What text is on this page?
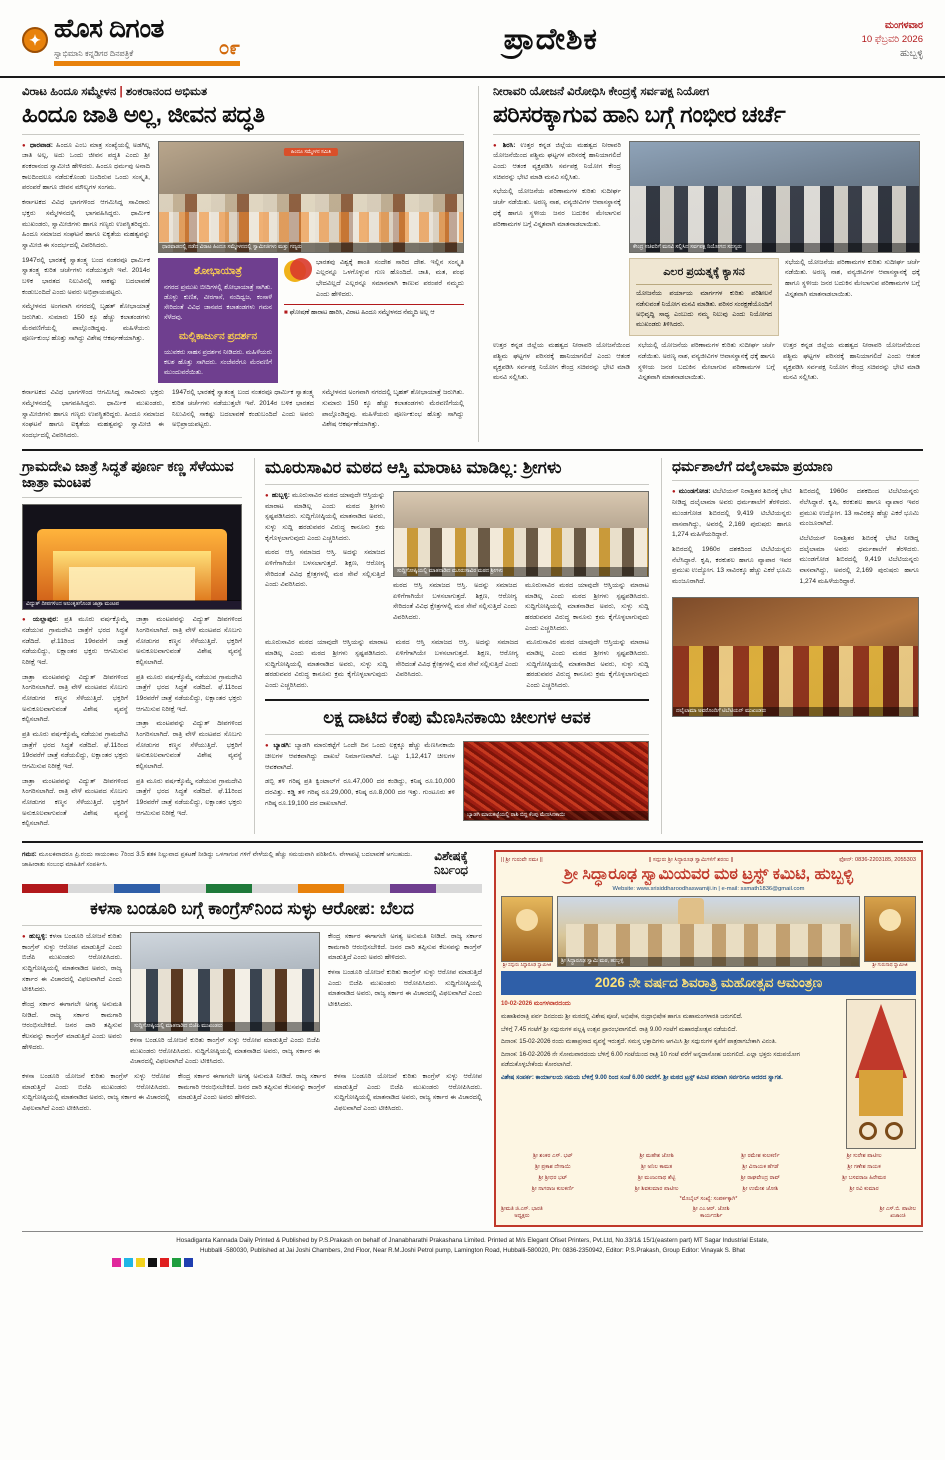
✦ ಹೊಸ ದಿಗಂತ
ಸ್ವಾಭಿಮಾನಿ ಕನ್ನಡಿಗರ ದಿನಪತ್ರಿಕೆ	೦೯	ಪ್ರಾದೇಶಿಕ	ಮಂಗಳವಾರ
10 ಫೆಬ್ರವರಿ 2026
ಹುಬ್ಬಳ್ಳಿ
ವಿರಾಟ ಹಿಂದೂ ಸಮ್ಮೇಳನ | ಶಂಕರಾನಂದ ಅಭಿಮತ
ಹಿಂದೂ ಜಾತಿ ಅಲ್ಲ, ಜೀವನ ಪದ್ಧತಿ

● ಧಾರವಾಡ: ಹಿಂದೂ ಎಂಬ ಮಾತ್ರ ಸಂಖ್ಯೆಯಲ್ಲಿ ಅಡಗಿಲ್ಲ ಜಾತಿ ಅಲ್ಲ, ಅದು ಒಂದು ಜೀವನ ಪದ್ಧತಿ ಎಂದು ಶ್ರೀ ಶಂಕರಾನಂದ ಸ್ವಾಮೀಜಿ ಹೇಳಿದರು. ಹಿಂದೂ ಧರ್ಮವು ಅನಾದಿ ಕಾಲದಿಂದಲೂ ನಡೆದುಕೊಂಡು ಬಂದಿರುವ ಒಂದು ಸಂಸ್ಕೃತಿ, ಪರಂಪರೆ ಹಾಗೂ ಜೀವನ ಮೌಲ್ಯಗಳ ಸಂಗಮ.

ಕರ್ನಾಟಕದ ವಿವಿಧ ಭಾಗಗಳಿಂದ ಆಗಮಿಸಿದ್ದ ಸಾವಿರಾರು ಭಕ್ತರು ಸಮ್ಮೇಳನದಲ್ಲಿ ಭಾಗವಹಿಸಿದ್ದರು. ಧಾರ್ಮಿಕ ಮುಖಂಡರು, ಸ್ವಾಮೀಜಿಗಳು ಹಾಗೂ ಗಣ್ಯರು ಉಪಸ್ಥಿತರಿದ್ದರು. ಹಿಂದೂ ಸಮಾಜದ ಸಂಘಟನೆ ಹಾಗೂ ಐಕ್ಯತೆಯ ಮಹತ್ವವನ್ನು ಸ್ವಾಮೀಜಿ ಈ ಸಂದರ್ಭದಲ್ಲಿ ವಿವರಿಸಿದರು.

1947ರಲ್ಲಿ ಭಾರತಕ್ಕೆ ಸ್ವಾತಂತ್ರ್ಯ ಬಂದ ನಂತರವೂ ಧಾರ್ಮಿಕ ಸ್ವಾತಂತ್ರ್ಯ ಕುರಿತ ಚರ್ಚೆಗಳು ನಡೆಯುತ್ತಲೇ ಇವೆ. 2014ರ ಬಳಿಕ ಭಾರತದ ನಿಲುವಿನಲ್ಲಿ ಸಾಕಷ್ಟು ಬದಲಾವಣೆ ಕಂಡುಬಂದಿದೆ ಎಂದು ಅವರು ಅಭಿಪ್ರಾಯಪಟ್ಟರು.

ಸಮ್ಮೇಳನದ ಅಂಗವಾಗಿ ನಗರದಲ್ಲಿ ಬೃಹತ್ ಶೋಭಾಯಾತ್ರೆ ಜರುಗಿತು. ಸುಮಾರು 150 ಕ್ಕೂ ಹೆಚ್ಚು ಕಲಾತಂಡಗಳು ಮೆರವಣಿಗೆಯಲ್ಲಿ ಪಾಲ್ಗೊಂಡಿದ್ದವು. ಮಹಿಳೆಯರು ಪೂರ್ಣಕುಂಭ ಹೊತ್ತು ಸಾಗಿದ್ದು ವಿಶೇಷ ಆಕರ್ಷಣೆಯಾಗಿತ್ತು.

ಹಿಂದೂ ಸಮ್ಮೇಳನ ಸಮಿತಿ
ಧಾರವಾಡದಲ್ಲಿ ನಡೆದ ವಿರಾಟ ಹಿಂದೂ ಸಮ್ಮೇಳನದಲ್ಲಿ ಸ್ವಾಮೀಜಿಗಳು ಮತ್ತು ಗಣ್ಯರು
ಶೋಭಾಯಾತ್ರೆ
ನಗರದ ಪ್ರಮುಖ ಬೀದಿಗಳಲ್ಲಿ ಶೋಭಾಯಾತ್ರೆ ಸಾಗಿತು. ಡೊಳ್ಳು ಕುಣಿತ, ವೀರಗಾಸೆ, ನಂದಿಧ್ವಜ, ಕಂಸಾಳೆ ಸೇರಿದಂತೆ ವಿವಿಧ ಜಾನಪದ ಕಲಾತಂಡಗಳು ಗಮನ ಸೆಳೆದವು.
ಮಲ್ಲಿಕಾರ್ಜುನ ಪ್ರದರ್ಶನ
ಯುವಕರು ಸಾಹಸ ಪ್ರದರ್ಶನ ನೀಡಿದರು. ಮಹಿಳೆಯರು ಕಲಶ ಹೊತ್ತು ಸಾಗಿದರು. ಸಂಜೆವರೆಗೂ ಮೆರವಣಿಗೆ ಮುಂದುವರೆಯಿತು.
ಭಾರತವು ವಿಶ್ವಕ್ಕೆ ಶಾಂತಿ ಸಂದೇಶ ಸಾರಿದ ದೇಶ. ಇಲ್ಲಿನ ಸಂಸ್ಕೃತಿ ಎಲ್ಲರನ್ನೂ ಒಳಗೊಳ್ಳುವ ಗುಣ ಹೊಂದಿದೆ. ಜಾತಿ, ಮತ, ಪಂಥ ಭೇದವಿಲ್ಲದೆ ಎಲ್ಲರನ್ನೂ ಸಮಾನವಾಗಿ ಕಾಣುವ ಪರಂಪರೆ ನಮ್ಮದು ಎಂದು ಹೇಳಿದರು.
■ ಘೋಷಣೆ ಹಾರಾಟ ಹಾರಿಸಿ, ವಿರಾಟ ಹಿಂದೂ ಸಮ್ಮೇಳನದ ನೆಮ್ಮದಿ ಅಲ್ಲ ಆ
ಕರ್ನಾಟಕದ ವಿವಿಧ ಭಾಗಗಳಿಂದ ಆಗಮಿಸಿದ್ದ ಸಾವಿರಾರು ಭಕ್ತರು ಸಮ್ಮೇಳನದಲ್ಲಿ ಭಾಗವಹಿಸಿದ್ದರು. ಧಾರ್ಮಿಕ ಮುಖಂಡರು, ಸ್ವಾಮೀಜಿಗಳು ಹಾಗೂ ಗಣ್ಯರು ಉಪಸ್ಥಿತರಿದ್ದರು. ಹಿಂದೂ ಸಮಾಜದ ಸಂಘಟನೆ ಹಾಗೂ ಐಕ್ಯತೆಯ ಮಹತ್ವವನ್ನು ಸ್ವಾಮೀಜಿ ಈ ಸಂದರ್ಭದಲ್ಲಿ ವಿವರಿಸಿದರು.
1947ರಲ್ಲಿ ಭಾರತಕ್ಕೆ ಸ್ವಾತಂತ್ರ್ಯ ಬಂದ ನಂತರವೂ ಧಾರ್ಮಿಕ ಸ್ವಾತಂತ್ರ್ಯ ಕುರಿತ ಚರ್ಚೆಗಳು ನಡೆಯುತ್ತಲೇ ಇವೆ. 2014ರ ಬಳಿಕ ಭಾರತದ ನಿಲುವಿನಲ್ಲಿ ಸಾಕಷ್ಟು ಬದಲಾವಣೆ ಕಂಡುಬಂದಿದೆ ಎಂದು ಅವರು ಅಭಿಪ್ರಾಯಪಟ್ಟರು.
ಸಮ್ಮೇಳನದ ಅಂಗವಾಗಿ ನಗರದಲ್ಲಿ ಬೃಹತ್ ಶೋಭಾಯಾತ್ರೆ ಜರುಗಿತು. ಸುಮಾರು 150 ಕ್ಕೂ ಹೆಚ್ಚು ಕಲಾತಂಡಗಳು ಮೆರವಣಿಗೆಯಲ್ಲಿ ಪಾಲ್ಗೊಂಡಿದ್ದವು. ಮಹಿಳೆಯರು ಪೂರ್ಣಕುಂಭ ಹೊತ್ತು ಸಾಗಿದ್ದು ವಿಶೇಷ ಆಕರ್ಷಣೆಯಾಗಿತ್ತು.
ನೀರಾವರಿ ಯೋಜನೆ ವಿರೋಧಿಸಿ ಕೇಂದ್ರಕ್ಕೆ ಸರ್ವಪಕ್ಷ ನಿಯೋಗ
ಪರಿಸರಕ್ಕಾಗುವ ಹಾನಿ ಬಗ್ಗೆ ಗಂಭೀರ ಚರ್ಚೆ

● ಶಿರಸಿ: ಉತ್ತರ ಕನ್ನಡ ಜಿಲ್ಲೆಯ ಮಹತ್ವದ ನೀರಾವರಿ ಯೋಜನೆಯಿಂದ ಪಶ್ಚಿಮ ಘಟ್ಟಗಳ ಪರಿಸರಕ್ಕೆ ಹಾನಿಯಾಗಲಿದೆ ಎಂದು ಆತಂಕ ವ್ಯಕ್ತಪಡಿಸಿ ಸರ್ವಪಕ್ಷ ನಿಯೋಗ ಕೇಂದ್ರ ಸಚಿವರನ್ನು ಭೇಟಿ ಮಾಡಿ ಮನವಿ ಸಲ್ಲಿಸಿತು.

ಸಭೆಯಲ್ಲಿ ಯೋಜನೆಯ ಪರಿಣಾಮಗಳ ಕುರಿತು ಸುದೀರ್ಘ ಚರ್ಚೆ ನಡೆಯಿತು. ಅರಣ್ಯ ನಾಶ, ವನ್ಯಜೀವಿಗಳ ಆವಾಸಸ್ಥಾನಕ್ಕೆ ಧಕ್ಕೆ ಹಾಗೂ ಸ್ಥಳೀಯ ಜನರ ಬದುಕಿನ ಮೇಲಾಗುವ ಪರಿಣಾಮಗಳ ಬಗ್ಗೆ ವಿಸ್ತೃತವಾಗಿ ಮಾತನಾಡಲಾಯಿತು.

ಕೇಂದ್ರ ಸಚಿವರಿಗೆ ಮನವಿ ಸಲ್ಲಿಸಿದ ಸರ್ವಪಕ್ಷ ನಿಯೋಗದ ಸದಸ್ಯರು
ಎಲರ ಪ್ರಯತ್ನಕ್ಕೆ ಕ್ಯಾಸನ
ಯೋಜನೆಯ ಪರ್ಯಾಯ ಮಾರ್ಗಗಳ ಕುರಿತು ಪರಿಶೀಲನೆ ನಡೆಸುವಂತೆ ನಿಯೋಗ ಮನವಿ ಮಾಡಿತು. ಪರಿಸರ ಸಂರಕ್ಷಣೆಯೊಂದಿಗೆ ಅಭಿವೃದ್ಧಿ ಸಾಧ್ಯ ಎಂಬುದು ನಮ್ಮ ನಿಲುವು ಎಂದು ನಿಯೋಗದ ಮುಖಂಡರು ತಿಳಿಸಿದರು.
ಸಭೆಯಲ್ಲಿ ಯೋಜನೆಯ ಪರಿಣಾಮಗಳ ಕುರಿತು ಸುದೀರ್ಘ ಚರ್ಚೆ ನಡೆಯಿತು. ಅರಣ್ಯ ನಾಶ, ವನ್ಯಜೀವಿಗಳ ಆವಾಸಸ್ಥಾನಕ್ಕೆ ಧಕ್ಕೆ ಹಾಗೂ ಸ್ಥಳೀಯ ಜನರ ಬದುಕಿನ ಮೇಲಾಗುವ ಪರಿಣಾಮಗಳ ಬಗ್ಗೆ ವಿಸ್ತೃತವಾಗಿ ಮಾತನಾಡಲಾಯಿತು.
ಉತ್ತರ ಕನ್ನಡ ಜಿಲ್ಲೆಯ ಮಹತ್ವದ ನೀರಾವರಿ ಯೋಜನೆಯಿಂದ ಪಶ್ಚಿಮ ಘಟ್ಟಗಳ ಪರಿಸರಕ್ಕೆ ಹಾನಿಯಾಗಲಿದೆ ಎಂದು ಆತಂಕ ವ್ಯಕ್ತಪಡಿಸಿ ಸರ್ವಪಕ್ಷ ನಿಯೋಗ ಕೇಂದ್ರ ಸಚಿವರನ್ನು ಭೇಟಿ ಮಾಡಿ ಮನವಿ ಸಲ್ಲಿಸಿತು.
ಸಭೆಯಲ್ಲಿ ಯೋಜನೆಯ ಪರಿಣಾಮಗಳ ಕುರಿತು ಸುದೀರ್ಘ ಚರ್ಚೆ ನಡೆಯಿತು. ಅರಣ್ಯ ನಾಶ, ವನ್ಯಜೀವಿಗಳ ಆವಾಸಸ್ಥಾನಕ್ಕೆ ಧಕ್ಕೆ ಹಾಗೂ ಸ್ಥಳೀಯ ಜನರ ಬದುಕಿನ ಮೇಲಾಗುವ ಪರಿಣಾಮಗಳ ಬಗ್ಗೆ ವಿಸ್ತೃತವಾಗಿ ಮಾತನಾಡಲಾಯಿತು.
ಉತ್ತರ ಕನ್ನಡ ಜಿಲ್ಲೆಯ ಮಹತ್ವದ ನೀರಾವರಿ ಯೋಜನೆಯಿಂದ ಪಶ್ಚಿಮ ಘಟ್ಟಗಳ ಪರಿಸರಕ್ಕೆ ಹಾನಿಯಾಗಲಿದೆ ಎಂದು ಆತಂಕ ವ್ಯಕ್ತಪಡಿಸಿ ಸರ್ವಪಕ್ಷ ನಿಯೋಗ ಕೇಂದ್ರ ಸಚಿವರನ್ನು ಭೇಟಿ ಮಾಡಿ ಮನವಿ ಸಲ್ಲಿಸಿತು.
ಗ್ರಾಮದೇವಿ ಜಾತ್ರೆ ಸಿದ್ಧತೆ ಪೂರ್ಣ ಕಣ್ಣ ಸೆಳೆಯುವ ಜಾತ್ರಾ ಮಂಟಪ
ವಿದ್ಯುತ್ ದೀಪಗಳಿಂದ ಅಲಂಕೃತಗೊಂಡ ಜಾತ್ರಾ ಮಂಟಪ

● ಯಲ್ಲಾಪುರ: ಪ್ರತಿ ಮೂರು ವರ್ಷಕ್ಕೊಮ್ಮೆ ನಡೆಯುವ ಗ್ರಾಮದೇವಿ ಜಾತ್ರೆಗೆ ಭರದ ಸಿದ್ಧತೆ ನಡೆದಿದೆ. ಫೆ.11ರಿಂದ 19ರವರೆಗೆ ಜಾತ್ರೆ ನಡೆಯಲಿದ್ದು, ಲಕ್ಷಾಂತರ ಭಕ್ತರು ಆಗಮಿಸುವ ನಿರೀಕ್ಷೆ ಇದೆ.

ಜಾತ್ರಾ ಮಂಟಪವನ್ನು ವಿದ್ಯುತ್ ದೀಪಗಳಿಂದ ಸಿಂಗರಿಸಲಾಗಿದೆ. ರಾತ್ರಿ ವೇಳೆ ಮಂಟಪದ ಸೊಬಗು ನೋಡುಗರ ಕಣ್ಮನ ಸೆಳೆಯುತ್ತಿದೆ. ಭಕ್ತರಿಗೆ ಅನುಕೂಲವಾಗುವಂತೆ ವಿಶೇಷ ವ್ಯವಸ್ಥೆ ಕಲ್ಪಿಸಲಾಗಿದೆ.

ಪ್ರತಿ ಮೂರು ವರ್ಷಕ್ಕೊಮ್ಮೆ ನಡೆಯುವ ಗ್ರಾಮದೇವಿ ಜಾತ್ರೆಗೆ ಭರದ ಸಿದ್ಧತೆ ನಡೆದಿದೆ. ಫೆ.11ರಿಂದ 19ರವರೆಗೆ ಜಾತ್ರೆ ನಡೆಯಲಿದ್ದು, ಲಕ್ಷಾಂತರ ಭಕ್ತರು ಆಗಮಿಸುವ ನಿರೀಕ್ಷೆ ಇದೆ.

ಜಾತ್ರಾ ಮಂಟಪವನ್ನು ವಿದ್ಯುತ್ ದೀಪಗಳಿಂದ ಸಿಂಗರಿಸಲಾಗಿದೆ. ರಾತ್ರಿ ವೇಳೆ ಮಂಟಪದ ಸೊಬಗು ನೋಡುಗರ ಕಣ್ಮನ ಸೆಳೆಯುತ್ತಿದೆ. ಭಕ್ತರಿಗೆ ಅನುಕೂಲವಾಗುವಂತೆ ವಿಶೇಷ ವ್ಯವಸ್ಥೆ ಕಲ್ಪಿಸಲಾಗಿದೆ.

ಜಾತ್ರಾ ಮಂಟಪವನ್ನು ವಿದ್ಯುತ್ ದೀಪಗಳಿಂದ ಸಿಂಗರಿಸಲಾಗಿದೆ. ರಾತ್ರಿ ವೇಳೆ ಮಂಟಪದ ಸೊಬಗು ನೋಡುಗರ ಕಣ್ಮನ ಸೆಳೆಯುತ್ತಿದೆ. ಭಕ್ತರಿಗೆ ಅನುಕೂಲವಾಗುವಂತೆ ವಿಶೇಷ ವ್ಯವಸ್ಥೆ ಕಲ್ಪಿಸಲಾಗಿದೆ.

ಪ್ರತಿ ಮೂರು ವರ್ಷಕ್ಕೊಮ್ಮೆ ನಡೆಯುವ ಗ್ರಾಮದೇವಿ ಜಾತ್ರೆಗೆ ಭರದ ಸಿದ್ಧತೆ ನಡೆದಿದೆ. ಫೆ.11ರಿಂದ 19ರವರೆಗೆ ಜಾತ್ರೆ ನಡೆಯಲಿದ್ದು, ಲಕ್ಷಾಂತರ ಭಕ್ತರು ಆಗಮಿಸುವ ನಿರೀಕ್ಷೆ ಇದೆ.

ಜಾತ್ರಾ ಮಂಟಪವನ್ನು ವಿದ್ಯುತ್ ದೀಪಗಳಿಂದ ಸಿಂಗರಿಸಲಾಗಿದೆ. ರಾತ್ರಿ ವೇಳೆ ಮಂಟಪದ ಸೊಬಗು ನೋಡುಗರ ಕಣ್ಮನ ಸೆಳೆಯುತ್ತಿದೆ. ಭಕ್ತರಿಗೆ ಅನುಕೂಲವಾಗುವಂತೆ ವಿಶೇಷ ವ್ಯವಸ್ಥೆ ಕಲ್ಪಿಸಲಾಗಿದೆ.

ಪ್ರತಿ ಮೂರು ವರ್ಷಕ್ಕೊಮ್ಮೆ ನಡೆಯುವ ಗ್ರಾಮದೇವಿ ಜಾತ್ರೆಗೆ ಭರದ ಸಿದ್ಧತೆ ನಡೆದಿದೆ. ಫೆ.11ರಿಂದ 19ರವರೆಗೆ ಜಾತ್ರೆ ನಡೆಯಲಿದ್ದು, ಲಕ್ಷಾಂತರ ಭಕ್ತರು ಆಗಮಿಸುವ ನಿರೀಕ್ಷೆ ಇದೆ.

ಮೂರುಸಾವಿರ ಮಠದ ಆಸ್ತಿ ಮಾರಾಟ ಮಾಡಿಲ್ಲ: ಶ್ರೀಗಳು

● ಹುಬ್ಬಳ್ಳಿ: ಮೂರುಸಾವಿರ ಮಠದ ಯಾವುದೇ ಆಸ್ತಿಯನ್ನು ಮಾರಾಟ ಮಾಡಿಲ್ಲ ಎಂದು ಮಠದ ಶ್ರೀಗಳು ಸ್ಪಷ್ಟಪಡಿಸಿದರು. ಸುದ್ದಿಗೋಷ್ಠಿಯಲ್ಲಿ ಮಾತನಾಡಿದ ಅವರು, ಸುಳ್ಳು ಸುದ್ದಿ ಹರಡುವವರ ವಿರುದ್ಧ ಕಾನೂನು ಕ್ರಮ ಕೈಗೊಳ್ಳಲಾಗುವುದು ಎಂದು ಎಚ್ಚರಿಸಿದರು.

ಮಠದ ಆಸ್ತಿ ಸಮಾಜದ ಆಸ್ತಿ. ಅದನ್ನು ಸಮಾಜದ ಏಳಿಗೆಗಾಗಿಯೇ ಬಳಸಲಾಗುತ್ತದೆ. ಶಿಕ್ಷಣ, ಆರೋಗ್ಯ ಸೇರಿದಂತೆ ವಿವಿಧ ಕ್ಷೇತ್ರಗಳಲ್ಲಿ ಮಠ ಸೇವೆ ಸಲ್ಲಿಸುತ್ತಿದೆ ಎಂದು ವಿವರಿಸಿದರು.

ಸುದ್ದಿಗೋಷ್ಠಿಯಲ್ಲಿ ಮಾತನಾಡಿದ ಮೂರುಸಾವಿರ ಮಠದ ಶ್ರೀಗಳು
ಮಠದ ಆಸ್ತಿ ಸಮಾಜದ ಆಸ್ತಿ. ಅದನ್ನು ಸಮಾಜದ ಏಳಿಗೆಗಾಗಿಯೇ ಬಳಸಲಾಗುತ್ತದೆ. ಶಿಕ್ಷಣ, ಆರೋಗ್ಯ ಸೇರಿದಂತೆ ವಿವಿಧ ಕ್ಷೇತ್ರಗಳಲ್ಲಿ ಮಠ ಸೇವೆ ಸಲ್ಲಿಸುತ್ತಿದೆ ಎಂದು ವಿವರಿಸಿದರು.
ಮೂರುಸಾವಿರ ಮಠದ ಯಾವುದೇ ಆಸ್ತಿಯನ್ನು ಮಾರಾಟ ಮಾಡಿಲ್ಲ ಎಂದು ಮಠದ ಶ್ರೀಗಳು ಸ್ಪಷ್ಟಪಡಿಸಿದರು. ಸುದ್ದಿಗೋಷ್ಠಿಯಲ್ಲಿ ಮಾತನಾಡಿದ ಅವರು, ಸುಳ್ಳು ಸುದ್ದಿ ಹರಡುವವರ ವಿರುದ್ಧ ಕಾನೂನು ಕ್ರಮ ಕೈಗೊಳ್ಳಲಾಗುವುದು ಎಂದು ಎಚ್ಚರಿಸಿದರು.
ಮೂರುಸಾವಿರ ಮಠದ ಯಾವುದೇ ಆಸ್ತಿಯನ್ನು ಮಾರಾಟ ಮಾಡಿಲ್ಲ ಎಂದು ಮಠದ ಶ್ರೀಗಳು ಸ್ಪಷ್ಟಪಡಿಸಿದರು. ಸುದ್ದಿಗೋಷ್ಠಿಯಲ್ಲಿ ಮಾತನಾಡಿದ ಅವರು, ಸುಳ್ಳು ಸುದ್ದಿ ಹರಡುವವರ ವಿರುದ್ಧ ಕಾನೂನು ಕ್ರಮ ಕೈಗೊಳ್ಳಲಾಗುವುದು ಎಂದು ಎಚ್ಚರಿಸಿದರು.
ಮಠದ ಆಸ್ತಿ ಸಮಾಜದ ಆಸ್ತಿ. ಅದನ್ನು ಸಮಾಜದ ಏಳಿಗೆಗಾಗಿಯೇ ಬಳಸಲಾಗುತ್ತದೆ. ಶಿಕ್ಷಣ, ಆರೋಗ್ಯ ಸೇರಿದಂತೆ ವಿವಿಧ ಕ್ಷೇತ್ರಗಳಲ್ಲಿ ಮಠ ಸೇವೆ ಸಲ್ಲಿಸುತ್ತಿದೆ ಎಂದು ವಿವರಿಸಿದರು.
ಮೂರುಸಾವಿರ ಮಠದ ಯಾವುದೇ ಆಸ್ತಿಯನ್ನು ಮಾರಾಟ ಮಾಡಿಲ್ಲ ಎಂದು ಮಠದ ಶ್ರೀಗಳು ಸ್ಪಷ್ಟಪಡಿಸಿದರು. ಸುದ್ದಿಗೋಷ್ಠಿಯಲ್ಲಿ ಮಾತನಾಡಿದ ಅವರು, ಸುಳ್ಳು ಸುದ್ದಿ ಹರಡುವವರ ವಿರುದ್ಧ ಕಾನೂನು ಕ್ರಮ ಕೈಗೊಳ್ಳಲಾಗುವುದು ಎಂದು ಎಚ್ಚರಿಸಿದರು.
ಲಕ್ಷ ದಾಟಿದ ಕೆಂಪು ಮೆಣಸಿನಕಾಯಿ ಚೀಲಗಳ ಆವಕ

● ಬ್ಯಾಡಗಿ: ಬ್ಯಾಡಗಿ ಮಾರುಕಟ್ಟೆಗೆ ಒಂದೇ ದಿನ ಒಂದು ಲಕ್ಷಕ್ಕೂ ಹೆಚ್ಚು ಮೆಣಸಿನಕಾಯಿ ಚೀಲಗಳ ಆವಕವಾಗಿದ್ದು ದಾಖಲೆ ನಿರ್ಮಾಣವಾಗಿದೆ. ಒಟ್ಟು 1,12,417 ಚೀಲಗಳ ಆವಕವಾಗಿದೆ.

ಡಬ್ಬಿ ತಳಿ ಗರಿಷ್ಠ ಪ್ರತಿ ಕ್ವಿಂಟಾಲ್‌ಗೆ ರೂ.47,000 ದರ ಕಂಡಿದ್ದು, ಕನಿಷ್ಠ ರೂ.10,000 ದರವಿತ್ತು. ಕಡ್ಡಿ ತಳಿ ಗರಿಷ್ಠ ರೂ.29,000, ಕನಿಷ್ಠ ರೂ.8,000 ದರ ಇತ್ತು. ಗುಂಟೂರು ತಳಿ ಗರಿಷ್ಠ ರೂ.19,100 ದರ ದಾಖಲಾಗಿದೆ.

ಬ್ಯಾಡಗಿ ಮಾರುಕಟ್ಟೆಯಲ್ಲಿ ರಾಶಿ ಬಿದ್ದ ಕೆಂಪು ಮೆಣಸಿನಕಾಯಿ
ಧರ್ಮಶಾಲೆಗೆ ದಲೈಲಾಮಾ ಪ್ರಯಾಣ

● ಮುಂಡಗೋಡ: ಟಿಬೆಟಿಯನ್ ನಿರಾಶ್ರಿತರ ಶಿಬಿರಕ್ಕೆ ಭೇಟಿ ನೀಡಿದ್ದ ದಲೈಲಾಮಾ ಅವರು ಧರ್ಮಶಾಲೆಗೆ ತೆರಳಿದರು. ಮುಂಡಗೋಡ ಶಿಬಿರದಲ್ಲಿ 9,419 ಟಿಬೆಟಿಯನ್ನರು ವಾಸವಾಗಿದ್ದು, ಅವರಲ್ಲಿ 2,169 ಪುರುಷರು ಹಾಗೂ 1,274 ಮಹಿಳೆಯರಿದ್ದಾರೆ.

ಶಿಬಿರದಲ್ಲಿ 1960ರ ದಶಕದಿಂದ ಟಿಬೆಟಿಯನ್ನರು ನೆಲೆಸಿದ್ದಾರೆ. ಕೃಷಿ, ಕರಕುಶಲ ಹಾಗೂ ವ್ಯಾಪಾರ ಇವರ ಪ್ರಮುಖ ಉದ್ಯೋಗ. 13 ಸಾವಿರಕ್ಕೂ ಹೆಚ್ಚು ಎಕರೆ ಭೂಮಿ ಮಂಜೂರಾಗಿದೆ.

ಶಿಬಿರದಲ್ಲಿ 1960ರ ದಶಕದಿಂದ ಟಿಬೆಟಿಯನ್ನರು ನೆಲೆಸಿದ್ದಾರೆ. ಕೃಷಿ, ಕರಕುಶಲ ಹಾಗೂ ವ್ಯಾಪಾರ ಇವರ ಪ್ರಮುಖ ಉದ್ಯೋಗ. 13 ಸಾವಿರಕ್ಕೂ ಹೆಚ್ಚು ಎಕರೆ ಭೂಮಿ ಮಂಜೂರಾಗಿದೆ.

ಟಿಬೆಟಿಯನ್ ನಿರಾಶ್ರಿತರ ಶಿಬಿರಕ್ಕೆ ಭೇಟಿ ನೀಡಿದ್ದ ದಲೈಲಾಮಾ ಅವರು ಧರ್ಮಶಾಲೆಗೆ ತೆರಳಿದರು. ಮುಂಡಗೋಡ ಶಿಬಿರದಲ್ಲಿ 9,419 ಟಿಬೆಟಿಯನ್ನರು ವಾಸವಾಗಿದ್ದು, ಅವರಲ್ಲಿ 2,169 ಪುರುಷರು ಹಾಗೂ 1,274 ಮಹಿಳೆಯರಿದ್ದಾರೆ.

ದಲೈಲಾಮಾ ಅವರೊಂದಿಗೆ ಟಿಬೆಟಿಯನ್ ಮುಖಂಡರು
ಗಮನ: ಮೂಲಕವಾದರೂ ಪ್ರಿ.ರಂದು ಸಾಯಂಕಾಲ 7ರಿಂದ 3.5 ಶತಕ ನಿಲ್ಲುವಾದ ಪ್ರಕಟಣೆ ನೀಡಿದ್ದು ಒಳಗಾಗುವ ಗಳಿಗೆ ವೇಳೆಯಲ್ಲಿ ಹೆಚ್ಚು ಸಮಯವಾಗಿ ಪರಿಶೀಲಿಸಿ. ವೇಳಾಪಟ್ಟಿ ಬದಲಾವಣೆ ಆಗಬಹುದು. ಜಾಹೀರಾತು ಸಂಬಂಧ ಮಾಹಿತಿಗೆ ಸಂಪರ್ಕಿಸಿ.
ವಿಶೇಷಕ್ಕೆ ನಿರ್ಬಂಧ
ಕಳಸಾ ಬಂಡೂರಿ ಬಗ್ಗೆ ಕಾಂಗ್ರೆಸ್‌ನಿಂದ ಸುಳ್ಳು ಆರೋಪ: ಬೆಲದ

● ಹುಬ್ಬಳ್ಳಿ: ಕಳಸಾ ಬಂಡೂರಿ ಯೋಜನೆ ಕುರಿತು ಕಾಂಗ್ರೆಸ್ ಸುಳ್ಳು ಆರೋಪ ಮಾಡುತ್ತಿದೆ ಎಂದು ಬಿಜೆಪಿ ಮುಖಂಡರು ಆರೋಪಿಸಿದರು. ಸುದ್ದಿಗೋಷ್ಠಿಯಲ್ಲಿ ಮಾತನಾಡಿದ ಅವರು, ರಾಜ್ಯ ಸರ್ಕಾರ ಈ ವಿಚಾರದಲ್ಲಿ ವಿಫಲವಾಗಿದೆ ಎಂದು ಟೀಕಿಸಿದರು.

ಕೇಂದ್ರ ಸರ್ಕಾರ ಈಗಾಗಲೇ ಅಗತ್ಯ ಅನುಮತಿ ನೀಡಿದೆ. ರಾಜ್ಯ ಸರ್ಕಾರ ಕಾಮಗಾರಿ ಆರಂಭಿಸಬೇಕಿದೆ. ಜನರ ದಾರಿ ತಪ್ಪಿಸುವ ಕೆಲಸವನ್ನು ಕಾಂಗ್ರೆಸ್ ಮಾಡುತ್ತಿದೆ ಎಂದು ಅವರು ಹೇಳಿದರು.

ಸುದ್ದಿಗೋಷ್ಠಿಯಲ್ಲಿ ಮಾತನಾಡಿದ ಬಿಜೆಪಿ ಮುಖಂಡರು
ಕಳಸಾ ಬಂಡೂರಿ ಯೋಜನೆ ಕುರಿತು ಕಾಂಗ್ರೆಸ್ ಸುಳ್ಳು ಆರೋಪ ಮಾಡುತ್ತಿದೆ ಎಂದು ಬಿಜೆಪಿ ಮುಖಂಡರು ಆರೋಪಿಸಿದರು. ಸುದ್ದಿಗೋಷ್ಠಿಯಲ್ಲಿ ಮಾತನಾಡಿದ ಅವರು, ರಾಜ್ಯ ಸರ್ಕಾರ ಈ ವಿಚಾರದಲ್ಲಿ ವಿಫಲವಾಗಿದೆ ಎಂದು ಟೀಕಿಸಿದರು.

ಕೇಂದ್ರ ಸರ್ಕಾರ ಈಗಾಗಲೇ ಅಗತ್ಯ ಅನುಮತಿ ನೀಡಿದೆ. ರಾಜ್ಯ ಸರ್ಕಾರ ಕಾಮಗಾರಿ ಆರಂಭಿಸಬೇಕಿದೆ. ಜನರ ದಾರಿ ತಪ್ಪಿಸುವ ಕೆಲಸವನ್ನು ಕಾಂಗ್ರೆಸ್ ಮಾಡುತ್ತಿದೆ ಎಂದು ಅವರು ಹೇಳಿದರು.

ಕಳಸಾ ಬಂಡೂರಿ ಯೋಜನೆ ಕುರಿತು ಕಾಂಗ್ರೆಸ್ ಸುಳ್ಳು ಆರೋಪ ಮಾಡುತ್ತಿದೆ ಎಂದು ಬಿಜೆಪಿ ಮುಖಂಡರು ಆರೋಪಿಸಿದರು. ಸುದ್ದಿಗೋಷ್ಠಿಯಲ್ಲಿ ಮಾತನಾಡಿದ ಅವರು, ರಾಜ್ಯ ಸರ್ಕಾರ ಈ ವಿಚಾರದಲ್ಲಿ ವಿಫಲವಾಗಿದೆ ಎಂದು ಟೀಕಿಸಿದರು.

ಕಳಸಾ ಬಂಡೂರಿ ಯೋಜನೆ ಕುರಿತು ಕಾಂಗ್ರೆಸ್ ಸುಳ್ಳು ಆರೋಪ ಮಾಡುತ್ತಿದೆ ಎಂದು ಬಿಜೆಪಿ ಮುಖಂಡರು ಆರೋಪಿಸಿದರು. ಸುದ್ದಿಗೋಷ್ಠಿಯಲ್ಲಿ ಮಾತನಾಡಿದ ಅವರು, ರಾಜ್ಯ ಸರ್ಕಾರ ಈ ವಿಚಾರದಲ್ಲಿ ವಿಫಲವಾಗಿದೆ ಎಂದು ಟೀಕಿಸಿದರು.
ಕೇಂದ್ರ ಸರ್ಕಾರ ಈಗಾಗಲೇ ಅಗತ್ಯ ಅನುಮತಿ ನೀಡಿದೆ. ರಾಜ್ಯ ಸರ್ಕಾರ ಕಾಮಗಾರಿ ಆರಂಭಿಸಬೇಕಿದೆ. ಜನರ ದಾರಿ ತಪ್ಪಿಸುವ ಕೆಲಸವನ್ನು ಕಾಂಗ್ರೆಸ್ ಮಾಡುತ್ತಿದೆ ಎಂದು ಅವರು ಹೇಳಿದರು.
ಕಳಸಾ ಬಂಡೂರಿ ಯೋಜನೆ ಕುರಿತು ಕಾಂಗ್ರೆಸ್ ಸುಳ್ಳು ಆರೋಪ ಮಾಡುತ್ತಿದೆ ಎಂದು ಬಿಜೆಪಿ ಮುಖಂಡರು ಆರೋಪಿಸಿದರು. ಸುದ್ದಿಗೋಷ್ಠಿಯಲ್ಲಿ ಮಾತನಾಡಿದ ಅವರು, ರಾಜ್ಯ ಸರ್ಕಾರ ಈ ವಿಚಾರದಲ್ಲಿ ವಿಫಲವಾಗಿದೆ ಎಂದು ಟೀಕಿಸಿದರು.
|| ಶ್ರೀ ಗುರುವೇ ನಮಃ ||	|| ಸದ್ಗುರು ಶ್ರೀ ಸಿದ್ಧಾರೂಢ ಸ್ವಾಮಿಗಳಿಗೆ ಶರಣು ||	ಫೋನ್: 0836-2203185, 2055303
ಶ್ರೀ ಸಿದ್ಧಾರೂಢ ಸ್ವಾಮಿಯವರ ಮಠ ಟ್ರಸ್ಟ್ ಕಮಿಟಿ, ಹುಬ್ಬಳ್ಳಿ
Website: www.srisiddharoodhaswamiji.in | e-mail: ssmath1836@gmail.com
ಶ್ರೀ ಸದ್ಗುರು ಸಿದ್ಧಾರೂಢ ಸ್ವಾಮೀಜಿ
ಶ್ರೀ ಸಿದ್ಧಾರೂಢ ಸ್ವಾಮಿ ಮಠ, ಹುಬ್ಬಳ್ಳಿ
ಶ್ರೀ ಗುರುನಾಥ ಸ್ವಾಮೀಜಿ
2026 ನೇ ವರ್ಷದ ಶಿವರಾತ್ರಿ ಮಹೋತ್ಸವ ಆಮಂತ್ರಣ

10-02-2026 ಮಂಗಳವಾರದಂದು

ಮಹಾಶಿವರಾತ್ರಿ ಪರ್ವ ದಿನದಂದು ಶ್ರೀ ಮಠದಲ್ಲಿ ವಿಶೇಷ ಪೂಜೆ, ಅಭಿಷೇಕ, ರುದ್ರಾಭಿಷೇಕ ಹಾಗೂ ಮಹಾಮಂಗಳಾರತಿ ಜರುಗಲಿದೆ.

ಬೆಳಿಗ್ಗೆ 7.45 ಗಂಟೆಗೆ ಶ್ರೀ ಸದ್ಗುರುಗಳ ಪಲ್ಲಕ್ಕಿ ಉತ್ಸವ ಪ್ರಾರಂಭವಾಗಲಿದೆ. ರಾತ್ರಿ 9.00 ಗಂಟೆಗೆ ಮಹಾರಥೋತ್ಸವ ನಡೆಯಲಿದೆ.

ದಿನಾಂಕ: 15-02-2026 ರಂದು ಮಹಾಪ್ರಸಾದ ವ್ಯವಸ್ಥೆ ಇರುತ್ತದೆ. ಸಮಸ್ತ ಭಕ್ತಾದಿಗಳು ಆಗಮಿಸಿ ಶ್ರೀ ಸದ್ಗುರುಗಳ ಕೃಪೆಗೆ ಪಾತ್ರರಾಗಬೇಕಾಗಿ ವಿನಂತಿ.

ದಿನಾಂಕ: 16-02-2026 ನೇ ಸೋಮವಾರದಂದು ಬೆಳಿಗ್ಗೆ 6.00 ಗಂಟೆಯಿಂದ ರಾತ್ರಿ 10 ಗಂಟೆ ವರೆಗೆ ಅನ್ನದಾಸೋಹ ಜರುಗಲಿದೆ. ಎಲ್ಲಾ ಭಕ್ತರು ಸದುಪಯೋಗ ಪಡೆದುಕೊಳ್ಳಬೇಕೆಂದು ಕೋರಲಾಗಿದೆ.

ವಿಶೇಷ ಸಂಪರ್ಕ: ಕಾರ್ಯಾಲಯ ಸಮಯ ಬೆಳಿಗ್ಗೆ 9.00 ರಿಂದ ಸಂಜೆ 6.00 ರವರೆಗೆ. ಶ್ರೀ ಮಠದ ಟ್ರಸ್ಟ್ ಕಮಿಟಿ ಪರವಾಗಿ ಸರ್ವರಿಗೂ ಆದರದ ಸ್ವಾಗತ.

ಶ್ರೀ ಶಂಕರ ಎಸ್. ಭಟ್	ಶ್ರೀ ಮಹೇಶ ಜೋಶಿ	ಶ್ರೀ ರಮೇಶ ಕುಲಕರ್ಣಿ	ಶ್ರೀ ಸುರೇಶ ಪಾಟೀಲ
ಶ್ರೀ ಪ್ರಕಾಶ ದೇಸಾಯಿ	ಶ್ರೀ ಅನಿಲ ಕಾಮತ	ಶ್ರೀ ವಿನಾಯಕ ಹೆಗಡೆ	ಶ್ರೀ ಗಣೇಶ ನಾಯಕ
ಶ್ರೀ ಶ್ರೀಧರ ಭಟ್	ಶ್ರೀ ಮಂಜುನಾಥ ಶೆಟ್ಟಿ	ಶ್ರೀ ರಾಘವೇಂದ್ರ ರಾವ್	ಶ್ರೀ ಬಸವರಾಜ ಹಿರೇಮಠ
ಶ್ರೀ ನಾಗರಾಜ ಕುಲಕರ್ಣಿ	ಶ್ರೀ ಶಿವಕುಮಾರ ಪಾಟೀಲ	ಶ್ರೀ ಉಮೇಶ ಜೋಶಿ	ಶ್ರೀ ರವಿ ಕುಮಾರ
*ಮೊಬೈಲ್ ಸಂಖ್ಯೆ: ಸಂಪರ್ಕಕ್ಕಾಗಿ*
ಶ್ರೀಮತಿ ಜಿ.ಎಸ್. ಭಾರತಿ
ಅಧ್ಯಕ್ಷರು
ಶ್ರೀ ಎಂ.ಆರ್. ಜೋಶಿ
ಕಾರ್ಯದರ್ಶಿ
ಶ್ರೀ ಎಸ್.ಬಿ. ಪಾಟೀಲ
ಖಜಾಂಚಿ
Hosadiganta Kannada Daily Printed & Published by P.S.Prakash on behalf of Jnanabharathi Prakashana Limited. Printed at M/s Elegant Ofiset Printers, Pvt.Ltd, No.33/1& 15/1(eastern part) MT Sagar Industrial Estate,
Hubballi -580030, Published at Jai Joshi Chambers, 2nd Floor, Near R.M.Joshi Petrol pump, Lamington Road, Hubballi-580020, Ph: 0836-2350942, Editor: P.S.Prakash, Group Editor: Vinayak S. Bhat
